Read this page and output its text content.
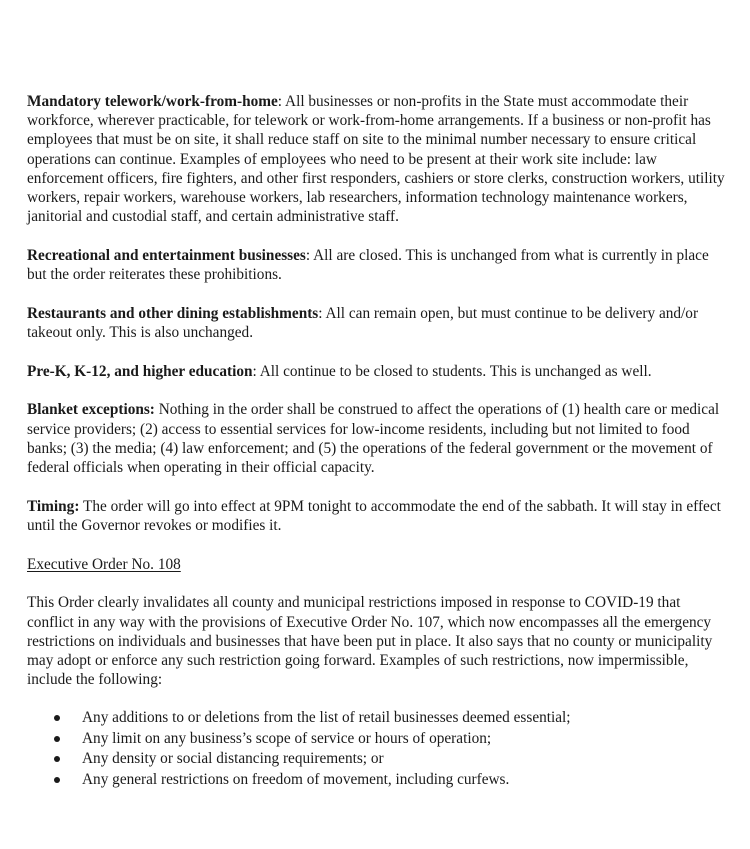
Mandatory telework/work-from-home: All businesses or non-profits in the State must accommodate their workforce, wherever practicable, for telework or work-from-home arrangements. If a business or non-profit has employees that must be on site, it shall reduce staff on site to the minimal number necessary to ensure critical operations can continue. Examples of employees who need to be present at their work site include: law enforcement officers, fire fighters, and other first responders, cashiers or store clerks, construction workers, utility workers, repair workers, warehouse workers, lab researchers, information technology maintenance workers, janitorial and custodial staff, and certain administrative staff.

Recreational and entertainment businesses: All are closed. This is unchanged from what is currently in place but the order reiterates these prohibitions.

Restaurants and other dining establishments: All can remain open, but must continue to be delivery and/or takeout only. This is also unchanged.

Pre-K, K-12, and higher education: All continue to be closed to students. This is unchanged as well.

Blanket exceptions: Nothing in the order shall be construed to affect the operations of (1) health care or medical service providers; (2) access to essential services for low-income residents, including but not limited to food banks; (3) the media; (4) law enforcement; and (5) the operations of the federal government or the movement of federal officials when operating in their official capacity.

Timing: The order will go into effect at 9PM tonight to accommodate the end of the sabbath. It will stay in effect until the Governor revokes or modifies it.

Executive Order No. 108

This Order clearly invalidates all county and municipal restrictions imposed in response to COVID-19 that conflict in any way with the provisions of Executive Order No. 107, which now encompasses all the emergency restrictions on individuals and businesses that have been put in place. It also says that no county or municipality may adopt or enforce any such restriction going forward. Examples of such restrictions, now impermissible, include the following:

Any additions to or deletions from the list of retail businesses deemed essential;
Any limit on any business’s scope of service or hours of operation;
Any density or social distancing requirements; or
Any general restrictions on freedom of movement, including curfews.
